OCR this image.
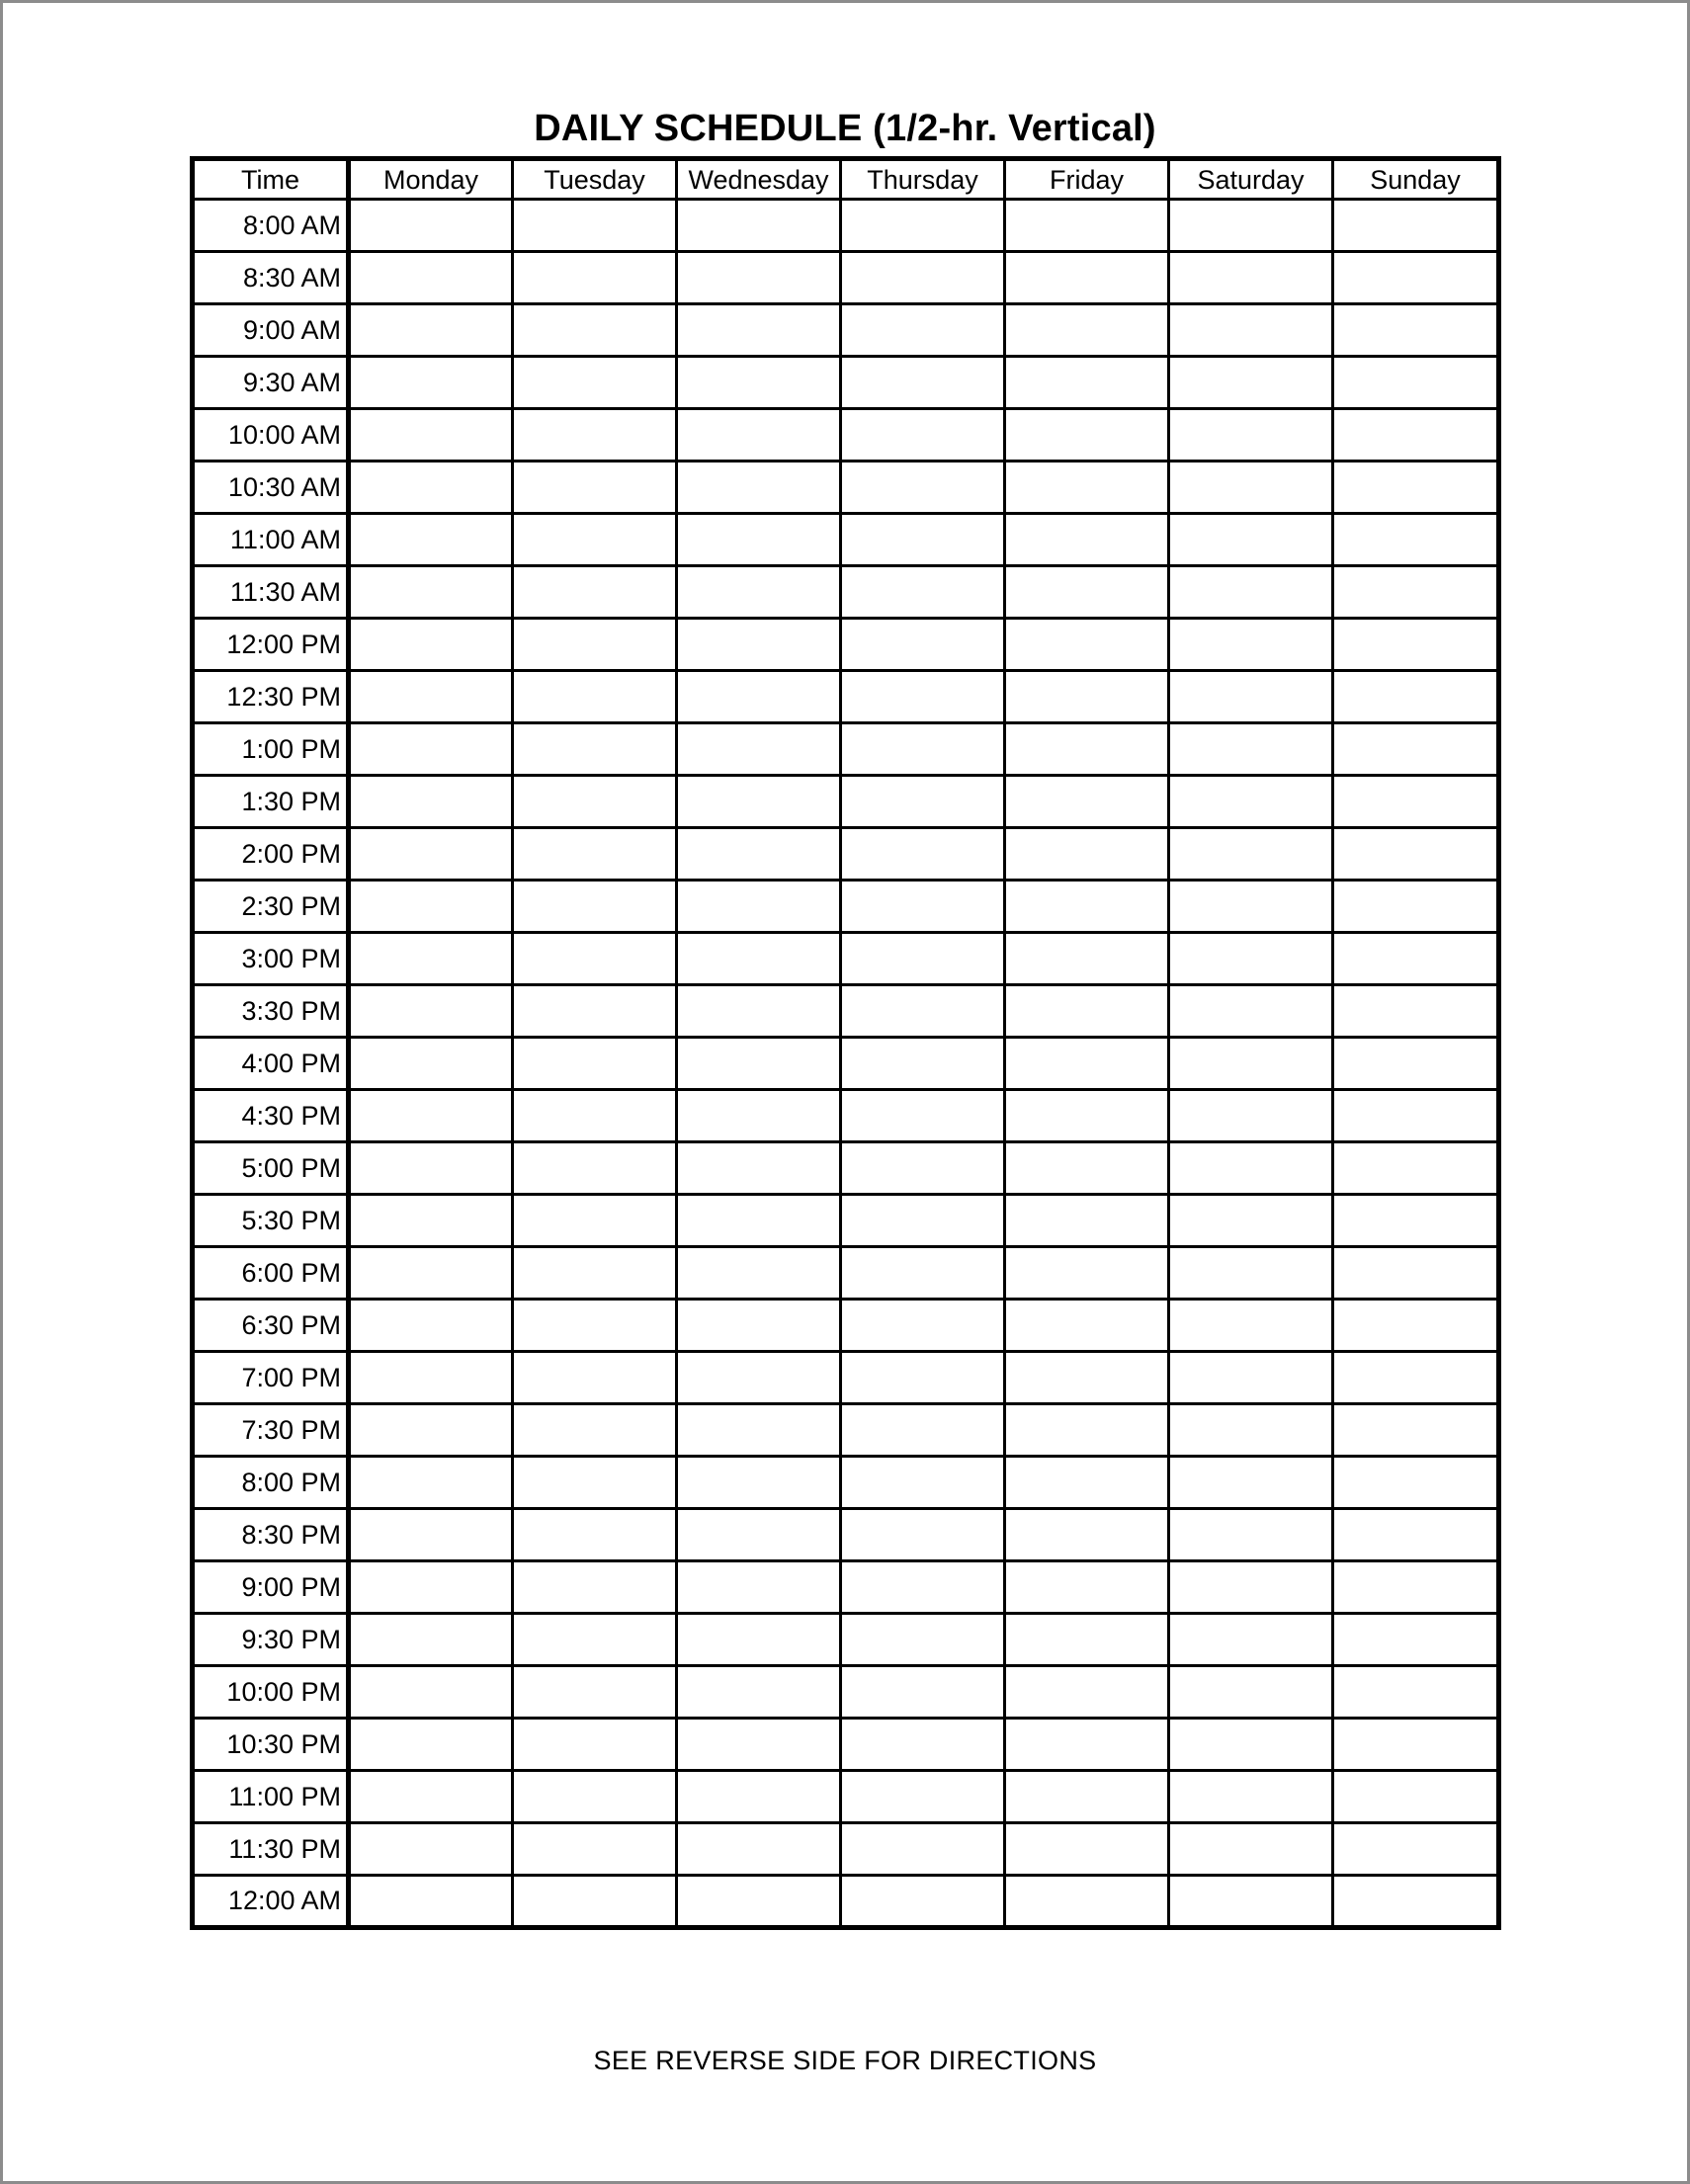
DAILY SCHEDULE (1/2-hr. Vertical)
Time	Monday	Tuesday	Wednesday	Thursday	Friday	Saturday	Sunday
8:00 AM							
8:30 AM							
9:00 AM							
9:30 AM							
10:00 AM							
10:30 AM							
11:00 AM							
11:30 AM							
12:00 PM							
12:30 PM							
1:00 PM							
1:30 PM							
2:00 PM							
2:30 PM							
3:00 PM							
3:30 PM							
4:00 PM							
4:30 PM							
5:00 PM							
5:30 PM							
6:00 PM							
6:30 PM							
7:00 PM							
7:30 PM							
8:00 PM							
8:30 PM							
9:00 PM							
9:30 PM							
10:00 PM							
10:30 PM							
11:00 PM							
11:30 PM							
12:00 AM							
SEE REVERSE SIDE FOR DIRECTIONS
